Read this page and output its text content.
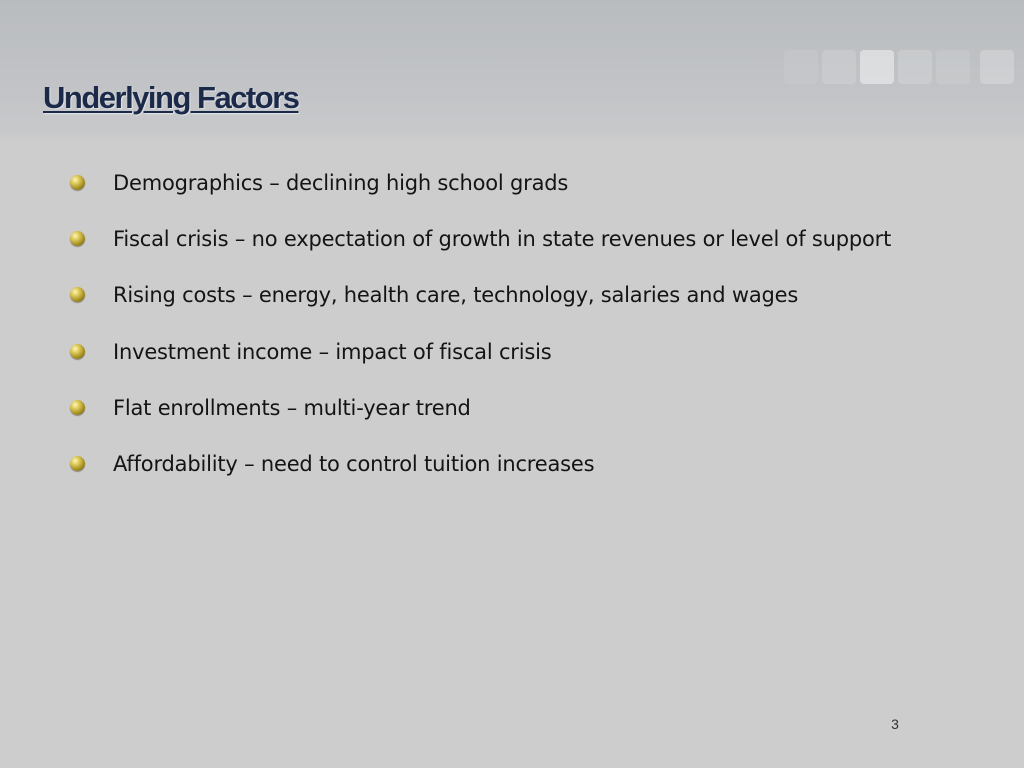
Underlying Factors
Demographics – declining high school grads
Fiscal crisis – no expectation of growth in state revenues or level of support
Rising costs – energy, health care, technology, salaries and wages
Investment income – impact of fiscal crisis
Flat enrollments – multi-year trend
Affordability – need to control tuition increases
3
